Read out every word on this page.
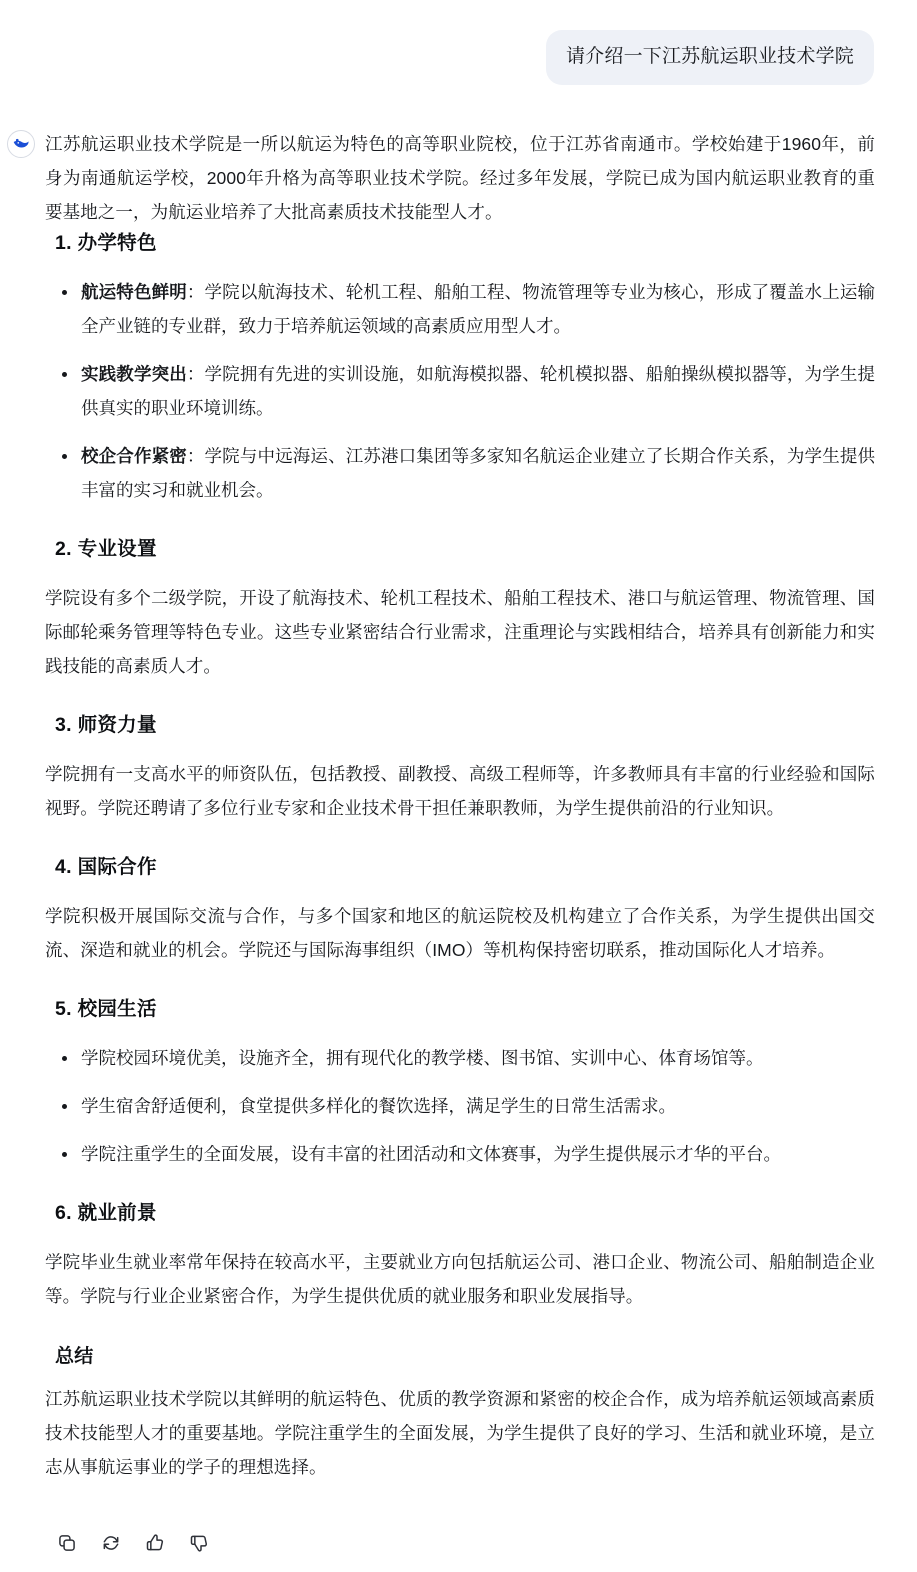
请介绍一下江苏航运职业技术学院

江苏航运职业技术学院是一所以航运为特色的高等职业院校，位于江苏省南通市。学校始建于1960年，前身为南通航运学校，2000年升格为高等职业技术学院。经过多年发展，学院已成为国内航运职业教育的重要基地之一，为航运业培养了大批高素质技术技能型人才。

1. 办学特色
航运特色鲜明：学院以航海技术、轮机工程、船舶工程、物流管理等专业为核心，形成了覆盖水上运输全产业链的专业群，致力于培养航运领域的高素质应用型人才。
实践教学突出：学院拥有先进的实训设施，如航海模拟器、轮机模拟器、船舶操纵模拟器等，为学生提供真实的职业环境训练。
校企合作紧密：学院与中远海运、江苏港口集团等多家知名航运企业建立了长期合作关系，为学生提供丰富的实习和就业机会。
2. 专业设置

学院设有多个二级学院，开设了航海技术、轮机工程技术、船舶工程技术、港口与航运管理、物流管理、国际邮轮乘务管理等特色专业。这些专业紧密结合行业需求，注重理论与实践相结合，培养具有创新能力和实践技能的高素质人才。

3. 师资力量

学院拥有一支高水平的师资队伍，包括教授、副教授、高级工程师等，许多教师具有丰富的行业经验和国际视野。学院还聘请了多位行业专家和企业技术骨干担任兼职教师，为学生提供前沿的行业知识。

4. 国际合作

学院积极开展国际交流与合作，与多个国家和地区的航运院校及机构建立了合作关系，为学生提供出国交流、深造和就业的机会。学院还与国际海事组织（IMO）等机构保持密切联系，推动国际化人才培养。

5. 校园生活
学院校园环境优美，设施齐全，拥有现代化的教学楼、图书馆、实训中心、体育场馆等。
学生宿舍舒适便利，食堂提供多样化的餐饮选择，满足学生的日常生活需求。
学院注重学生的全面发展，设有丰富的社团活动和文体赛事，为学生提供展示才华的平台。
6. 就业前景

学院毕业生就业率常年保持在较高水平，主要就业方向包括航运公司、港口企业、物流公司、船舶制造企业等。学院与行业企业紧密合作，为学生提供优质的就业服务和职业发展指导。

总结

江苏航运职业技术学院以其鲜明的航运特色、优质的教学资源和紧密的校企合作，成为培养航运领域高素质技术技能型人才的重要基地。学院注重学生的全面发展，为学生提供了良好的学习、生活和就业环境，是立志从事航运事业的学子的理想选择。
